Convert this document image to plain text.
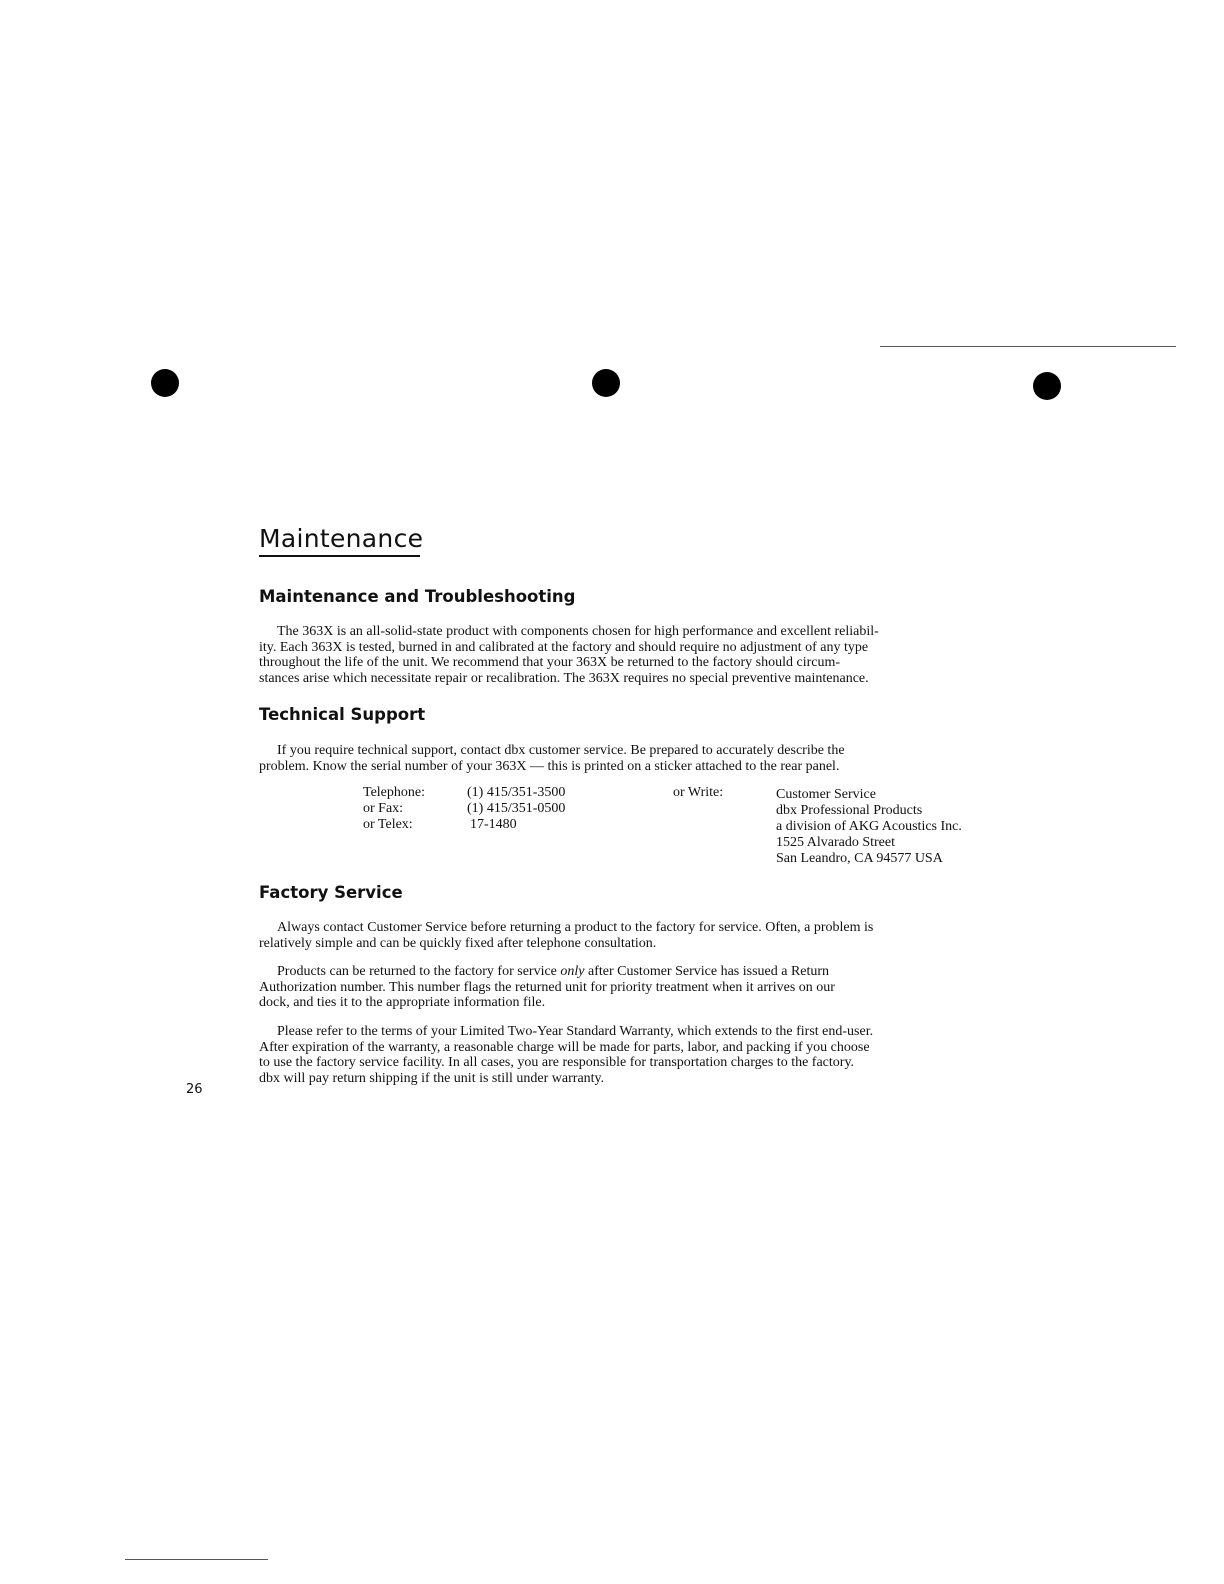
Maintenance
Maintenance and Troubleshooting

The 363X is an all-solid-state product with components chosen for high performance and excellent reliabil-
ity. Each 363X is tested, burned in and calibrated at the factory and should require no adjustment of any type
throughout the life of the unit. We recommend that your 363X be returned to the factory should circum-
stances arise which necessitate repair or recalibration. The 363X requires no special preventive maintenance.

Technical Support

If you require technical support, contact dbx customer service. Be prepared to accurately describe the
problem. Know the serial number of your 363X — this is printed on a sticker attached to the rear panel.

Telephone:
or Fax:
or Telex:
(1) 415/351-3500
(1) 415/351-0500
17-1480
or Write:	Customer Service
dbx Professional Products
a division of AKG Acoustics Inc.
1525 Alvarado Street
San Leandro, CA 94577 USA
Factory Service

Always contact Customer Service before returning a product to the factory for service. Often, a problem is
relatively simple and can be quickly fixed after telephone consultation.

Products can be returned to the factory for service only after Customer Service has issued a Return
Authorization number. This number flags the returned unit for priority treatment when it arrives on our
dock, and ties it to the appropriate information file.

Please refer to the terms of your Limited Two-Year Standard Warranty, which extends to the first end-user.
After expiration of the warranty, a reasonable charge will be made for parts, labor, and packing if you choose
to use the factory service facility. In all cases, you are responsible for transportation charges to the factory.
dbx will pay return shipping if the unit is still under warranty.

26
